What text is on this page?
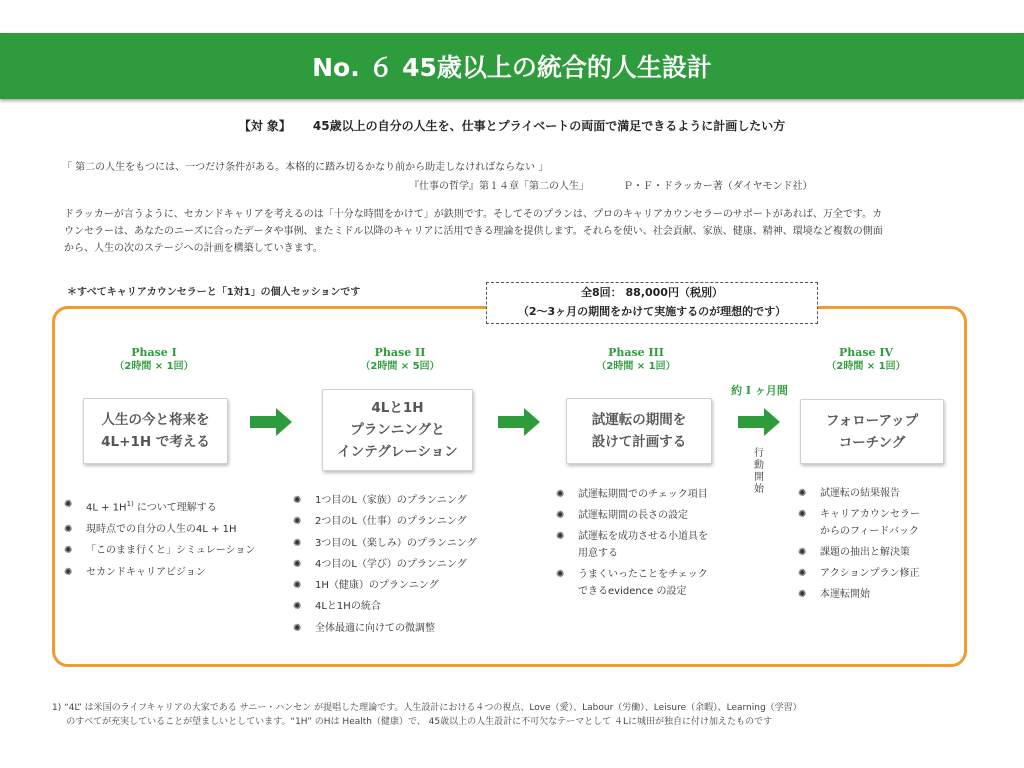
No. ６ 45歳以上の統合的人生設計
【対 象】 45歳以上の自分の人生を、仕事とプライベートの両面で満足できるように計画したい方
「 第二の人生をもつには、一つだけ条件がある。本格的に踏み切るかなり前から助走しなければならない 」
『仕事の哲学』第１４章「第二の人生」	Ｐ・Ｆ・ドラッカー著（ダイヤモンド社）
ドラッカーが言うように、セカンドキャリアを考えるのは「十分な時間をかけて」が鉄則です。そしてそのプランは、プロのキャリアカウンセラーのサポートがあれば、万全です。カ
ウンセラーは、あなたのニーズに合ったデータや事例、またミドル以降のキャリアに活用できる理論を提供します。それらを使い、社会貢献、家族、健康、精神、環境など複数の側面
から、人生の次のステージへの計画を構築していきます。
＊すべてキャリアカウンセラーと「1対1」の個人セッションです	全8回： 88,000円（税別）
（2〜3ヶ月の期間をかけて実施するのが理想的です）
Phase I
（2時間 × 1回）
Phase II
（2時間 × 5回）
Phase III
（2時間 × 1回）
Phase IV
（2時間 × 1回）
人生の今と将来を
4L+1H で考える
4Lと1H
プランニングと
インテグレーション
試運転の期間を
設けて計画する
フォローアップ
コーチング
約 I ヶ月間
行
動
開
始
✺ $4L + 1H^{1)}$ について理解する
✺ 現時点での自分の人生の4L + 1H
✺ 「このまま行くと」シミュレーション
✺ セカンドキャリアビジョン
✺ 1つ目のL（家族）のプランニング
✺ 2つ目のL（仕事）のプランニング
✺ 3つ目のL（楽しみ）のプランニング
✺ 4つ目のL（学び）のプランニング
✺ 1H（健康）のプランニング
✺ 4Lと1Hの統合
✺ 全体最適に向けての微調整
✺ 試運転期間でのチェック項目
✺ 試運転期間の長さの設定
✺ 試運転を成功させる小道具を
用意する
✺ うまくいったことをチェック
できるevidence の設定
✺ 試運転の結果報告
✺ キャリアカウンセラー
からのフィードバック
✺ 課題の抽出と解決策
✺ アクションプラン修正
✺ 本運転開始
1) “4L” は米国のライフキャリアの大家である サニー・ハンセン が提唱した理論です。人生設計における４つの視点、Love（愛）、Labour（労働）、Leisure（余暇）、Learning（学習）
のすべてが充実していることが望ましいとしています。“1H” のHは Health（健康）で、 45歳以上の人生設計に不可欠なテーマとして ４Lに城田が独自に付け加えたものです
